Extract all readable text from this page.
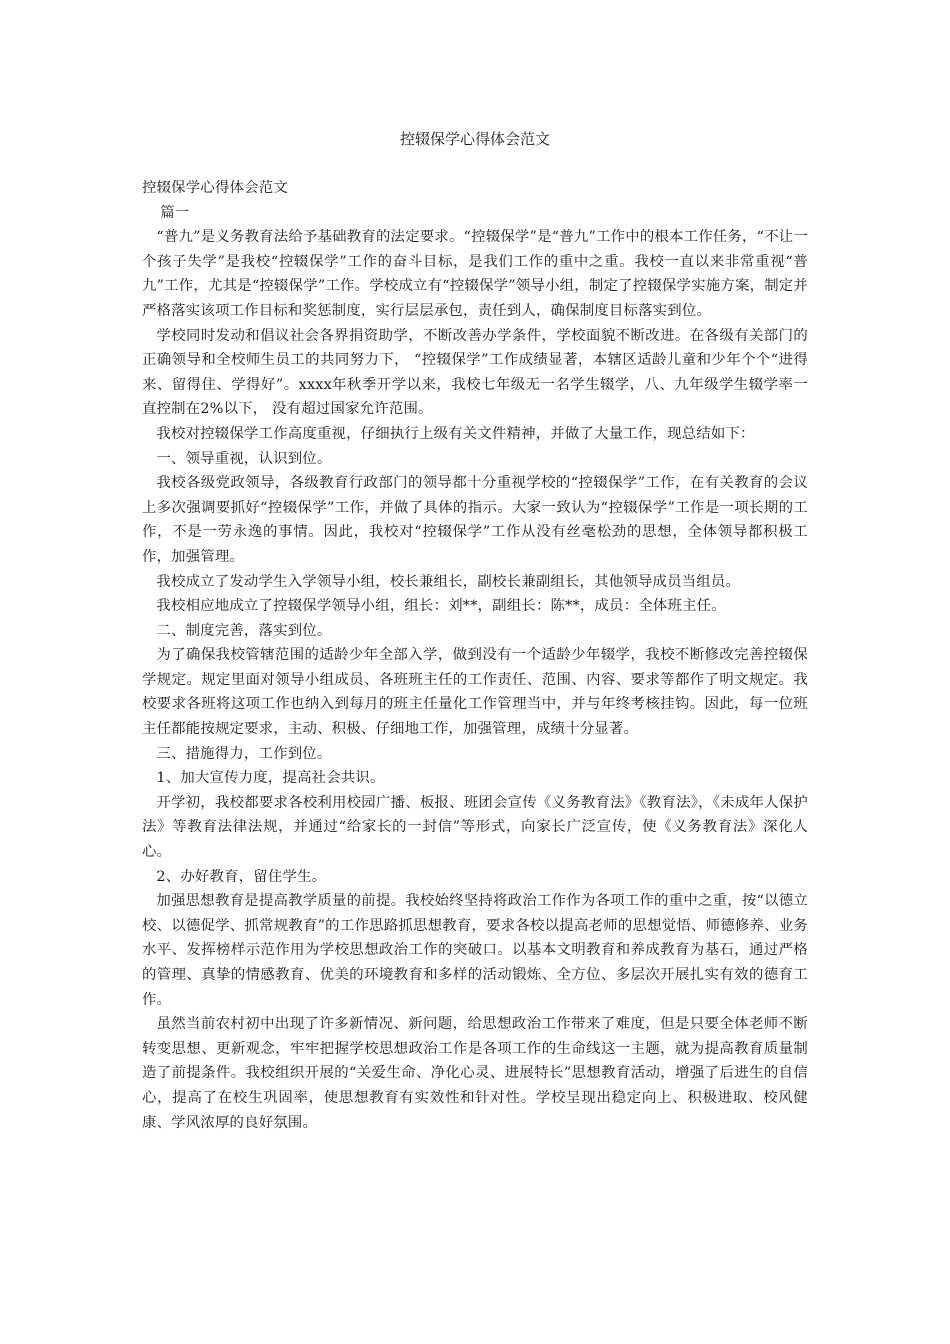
控辍保学心得体会范文

控辍保学心得体会范文

篇一

“普九”是义务教育法给予基础教育的法定要求。“控辍保学”是“普九”工作中的根本工作任务，“不让一个孩子失学”是我校“控辍保学”工作的奋斗目标，是我们工作的重中之重。我校一直以来非常重视“普九”工作，尤其是“控辍保学”工作。学校成立有“控辍保学”领导小组，制定了控辍保学实施方案，制定并严格落实该项工作目标和奖惩制度，实行层层承包，责任到人，确保制度目标落实到位。

学校同时发动和倡议社会各界捐资助学，不断改善办学条件，学校面貌不断改进。在各级有关部门的正确领导和全校师生员工的共同努力下， “控辍保学”工作成绩显著，本辖区适龄儿童和少年个个“进得来、留得住、学得好”。xxxx年秋季开学以来，我校七年级无一名学生辍学，八、九年级学生辍学率一直控制在2%以下， 没有超过国家允许范围。

我校对控辍保学工作高度重视，仔细执行上级有关文件精神，并做了大量工作，现总结如下：

一、领导重视，认识到位。

我校各级党政领导，各级教育行政部门的领导都十分重视学校的“控辍保学”工作，在有关教育的会议上多次强调要抓好“控辍保学”工作，并做了具体的指示。大家一致认为“控辍保学”工作是一项长期的工作，不是一劳永逸的事情。因此，我校对“控辍保学”工作从没有丝毫松劲的思想，全体领导都积极工作，加强管理。

我校成立了发动学生入学领导小组，校长兼组长，副校长兼副组长，其他领导成员当组员。

我校相应地成立了控辍保学领导小组，组长：刘**，副组长：陈**，成员：全体班主任。

二、制度完善，落实到位。

为了确保我校管辖范围的适龄少年全部入学，做到没有一个适龄少年辍学，我校不断修改完善控辍保学规定。规定里面对领导小组成员、各班班主任的工作责任、范围、内容、要求等都作了明文规定。我校要求各班将这项工作也纳入到每月的班主任量化工作管理当中，并与年终考核挂钩。因此，每一位班主任都能按规定要求，主动、积极、仔细地工作，加强管理，成绩十分显著。

三、措施得力，工作到位。

1、加大宣传力度，提高社会共识。

开学初，我校都要求各校利用校园广播、板报、班团会宣传《义务教育法》《教育法》，《未成年人保护法》等教育法律法规，并通过“给家长的一封信”等形式，向家长广泛宣传，使《义务教育法》深化人心。

2、办好教育，留住学生。

加强思想教育是提高教学质量的前提。我校始终坚持将政治工作作为各项工作的重中之重，按“以德立校、以德促学、抓常规教育”的工作思路抓思想教育，要求各校以提高老师的思想觉悟、师德修养、业务水平、发挥榜样示范作用为学校思想政治工作的突破口。以基本文明教育和养成教育为基石，通过严格的管理、真挚的情感教育、优美的环境教育和多样的活动锻炼、全方位、多层次开展扎实有效的德育工作。

虽然当前农村初中出现了许多新情况、新问题，给思想政治工作带来了难度，但是只要全体老师不断转变思想、更新观念，牢牢把握学校思想政治工作是各项工作的生命线这一主题，就为提高教育质量制造了前提条件。我校组织开展的“关爱生命、净化心灵、进展特长”思想教育活动，增强了后进生的自信心，提高了在校生巩固率，使思想教育有实效性和针对性。学校呈现出稳定向上、积极进取、校风健康、学风浓厚的良好氛围。
